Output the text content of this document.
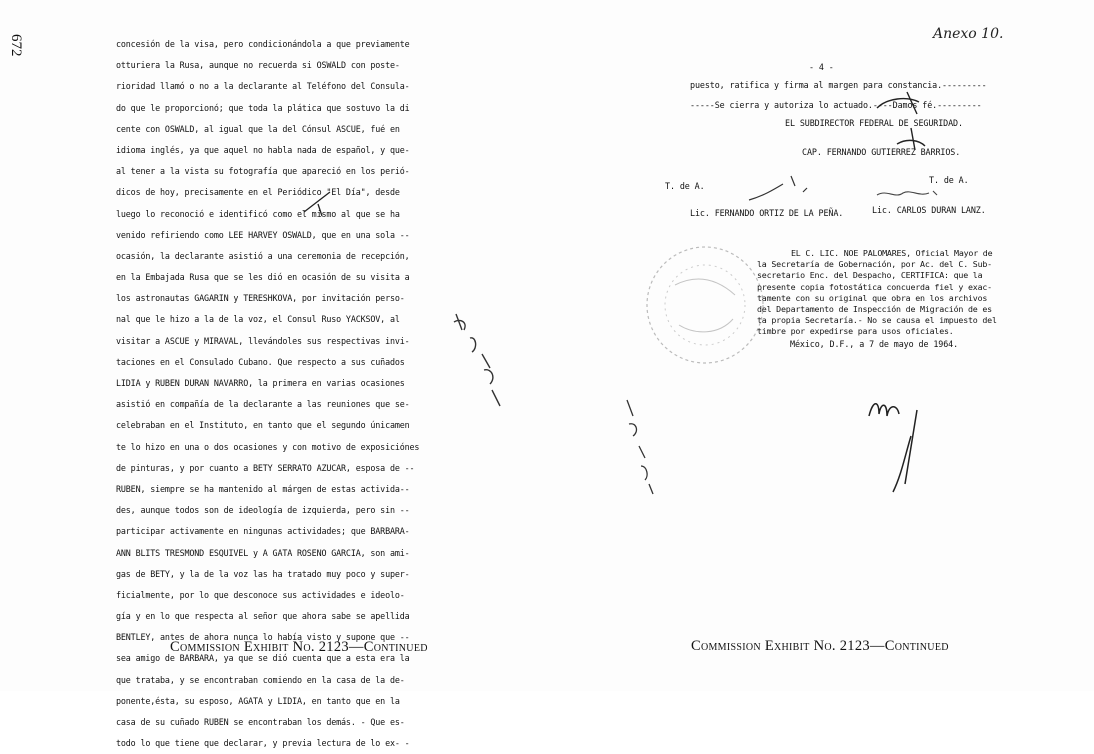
672	concesión de la visa, pero condicionándola a que previamente
otturiera la Rusa, aunque no recuerda si OSWALD con poste-
rioridad llamó o no a la declarante al Teléfono del Consula-
do que le proporcionó; que toda la plática que sostuvo la di
cente con OSWALD, al igual que la del Cónsul ASCUE, fué en
idioma inglés, ya que aquel no habla nada de español, y que-
al tener a la vista su fotografía que apareció en los perió-
dicos de hoy, precisamente en el Periódico "El Día", desde
luego lo reconoció e identificó como el mismo al que se ha
venido refiriendo como LEE HARVEY OSWALD, que en una sola --
ocasión, la declarante asistió a una ceremonia de recepción,
en la Embajada Rusa que se les dió en ocasión de su visita a
los astronautas GAGARIN y TERESHKOVA, por invitación perso-
nal que le hizo a la de la voz, el Consul Ruso YACKSOV, al
visitar a ASCUE y MIRAVAL, llevándoles sus respectivas invi-
taciones en el Consulado Cubano. Que respecto a sus cuñados
LIDIA y RUBEN DURAN NAVARRO, la primera en varias ocasiones
asistió en compañía de la declarante a las reuniones que se-
celebraban en el Instituto, en tanto que el segundo únicamen
te lo hizo en una o dos ocasiones y con motivo de exposiciónes
de pinturas, y por cuanto a BETY SERRATO AZUCAR, esposa de --
RUBEN, siempre se ha mantenido al márgen de estas activida--
des, aunque todos son de ideología de izquierda, pero sin --
participar activamente en ningunas actividades; que BARBARA-
ANN BLITS TRESMOND ESQUIVEL y A GATA ROSENO GARCIA, son ami-
gas de BETY, y la de la voz las ha tratado muy poco y super-
ficialmente, por lo que desconoce sus actividades e ideolo-
gía y en lo que respecta al señor que ahora sabe se apellida
BENTLEY, antes de ahora nunca lo había visto y supone que --
sea amigo de BARBARA, ya que se dió cuenta que a esta era la
que trataba, y se encontraban comiendo en la casa de la de-
ponente,ésta, su esposo, AGATA y LIDIA, en tanto que en la
casa de su cuñado RUBEN se encontraban los demás. - Que es-
todo lo que tiene que declarar, y previa lectura de lo ex- -
Commission Exhibit No. 2123—Continued
Anexo 10.
- 4 -
puesto, ratifica y firma al margen para constancia.---------
-----Se cierra y autoriza lo actuado.----Damos fé.---------
EL SUBDIRECTOR FEDERAL DE SEGURIDAD.
CAP. FERNANDO GUTIERREZ BARRIOS.
T. de A.
T. de A.
Lic. FERNANDO ORTIZ DE LA PEÑA.	Lic. CARLOS DURAN LANZ.
EL C. LIC. NOE PALOMARES, Oficial Mayor de
la Secretaría de Gobernación, por Ac. del C. Sub-
secretario Enc. del Despacho, CERTIFICA: que la
presente copia fotostática concuerda fiel y exac-
tamente con su original que obra en los archivos
del Departamento de Inspección de Migración de es
ta propia Secretaría.- No se causa el impuesto del
timbre por expedirse para usos oficiales.
México, D.F., a 7 de mayo de 1964.
Commission Exhibit No. 2123—Continued
